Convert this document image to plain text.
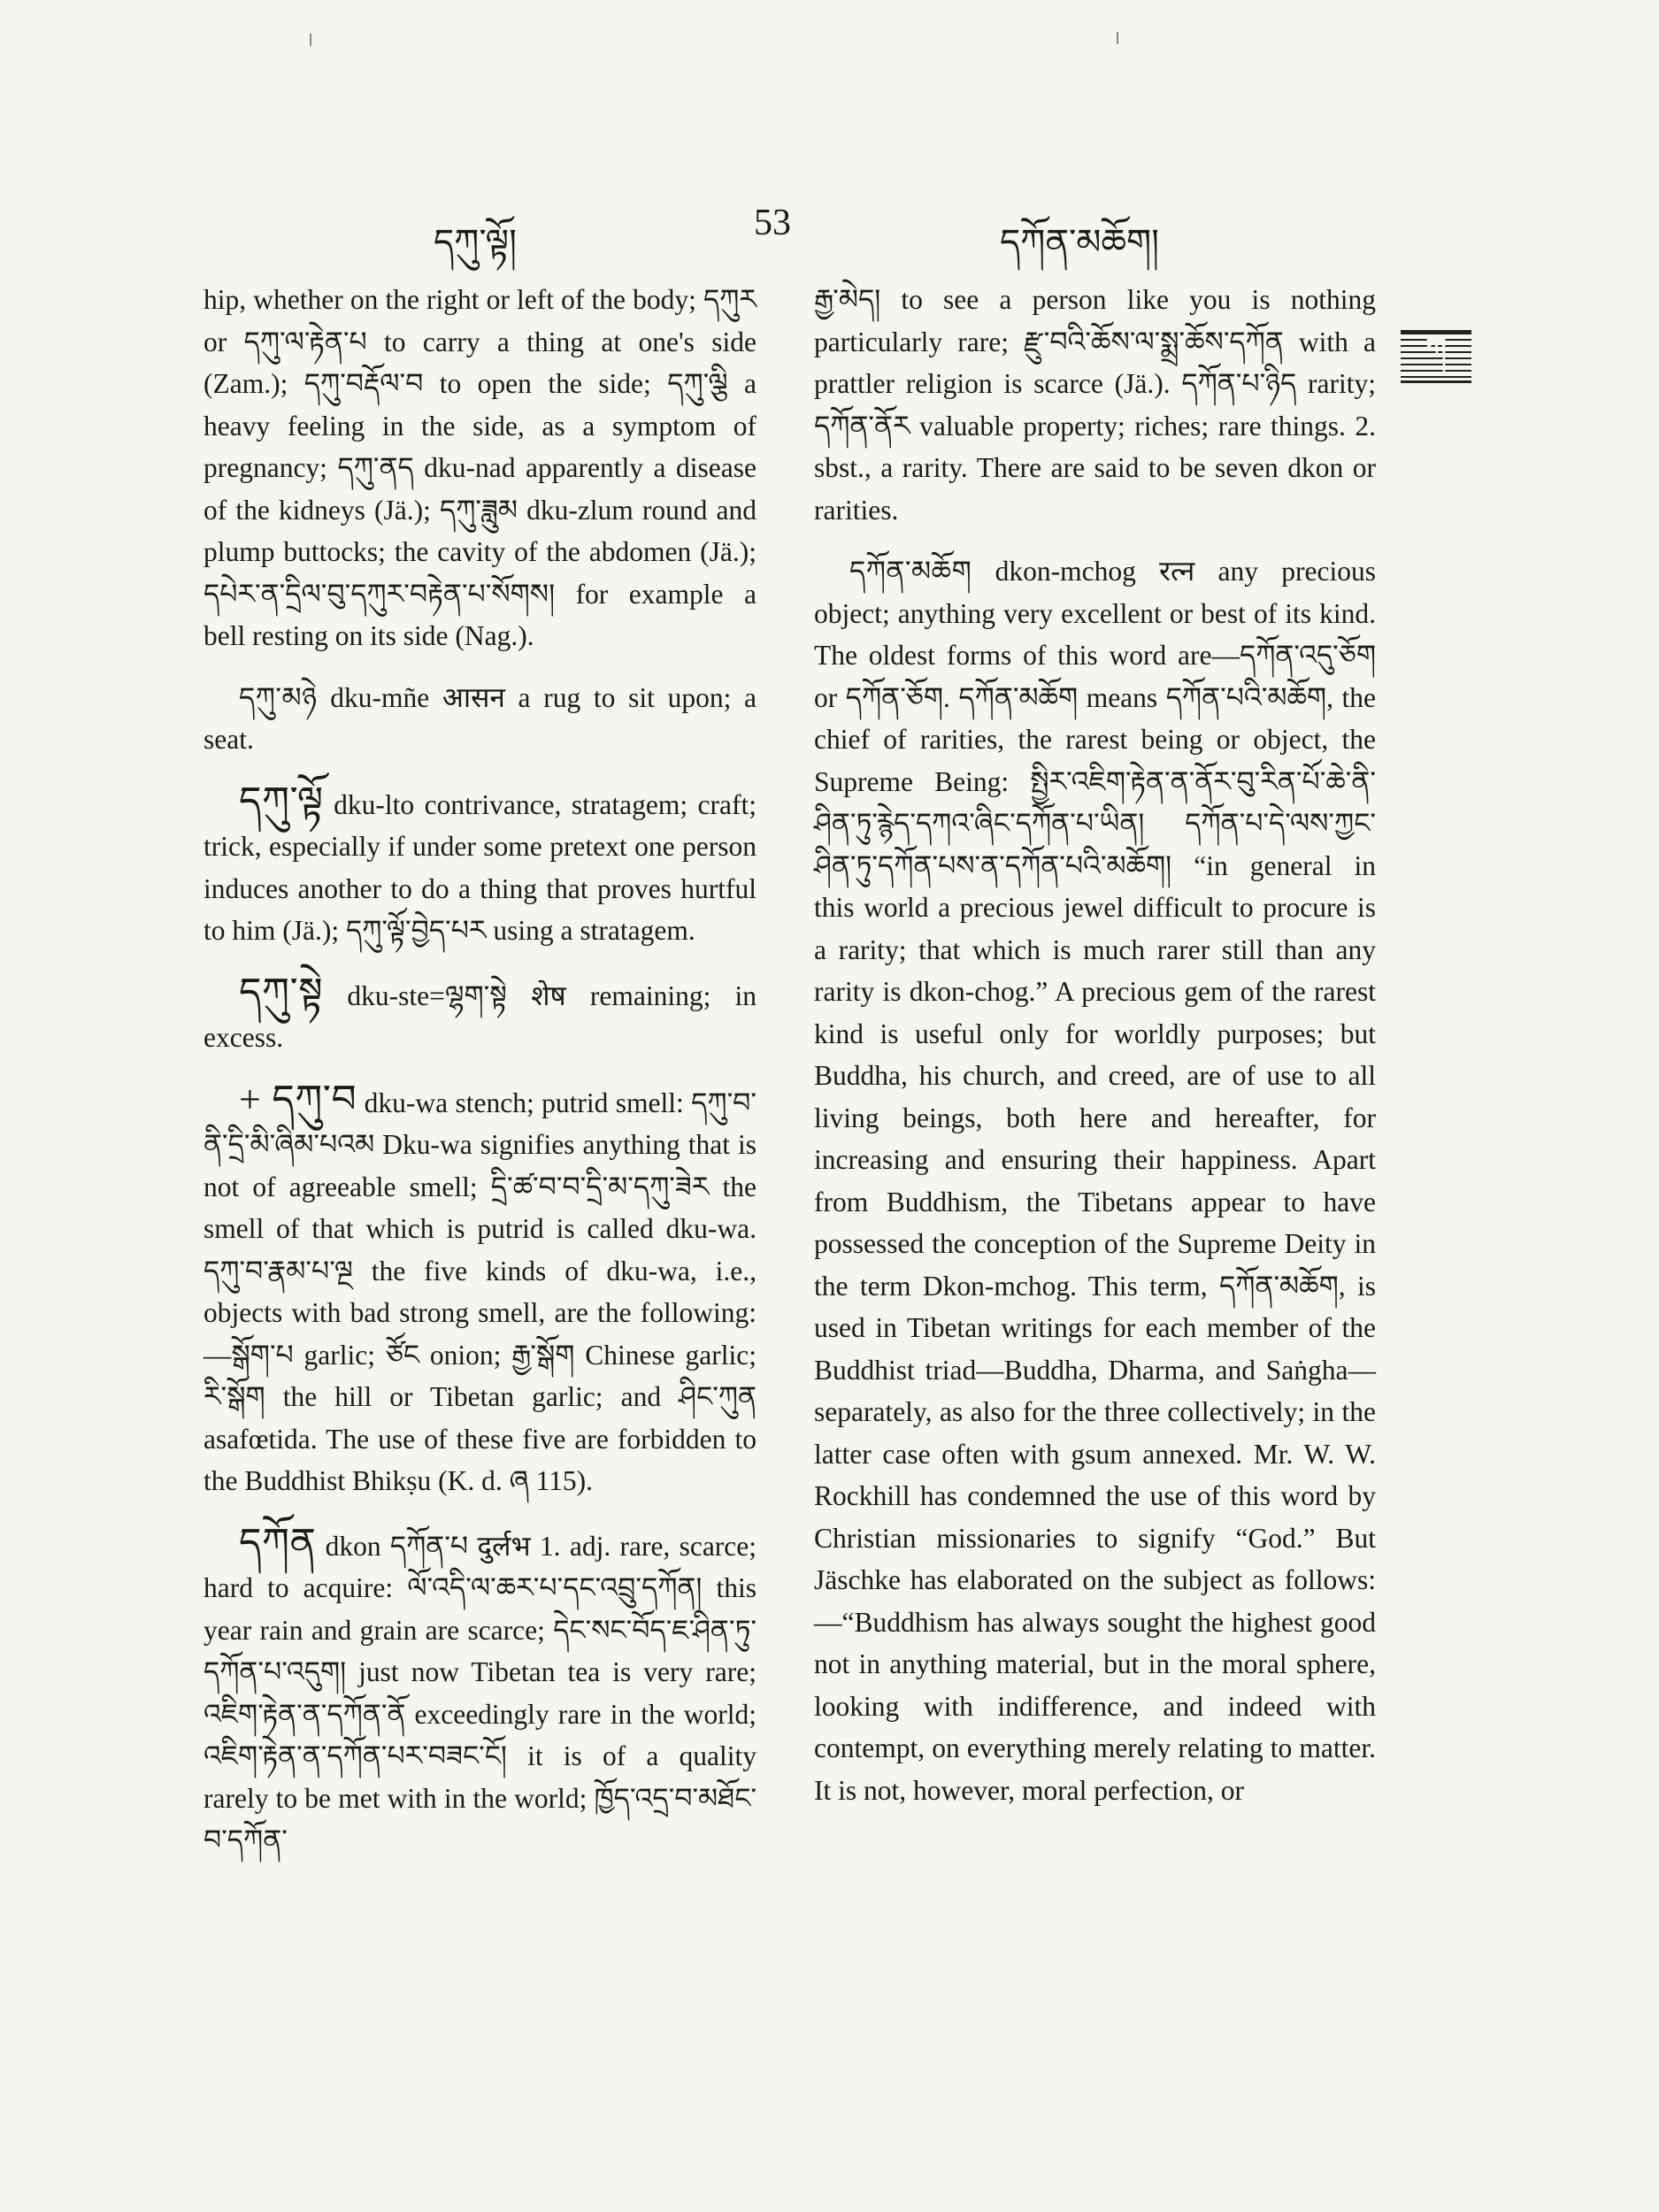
དཀུ་ལྟོ།	53	དཀོན་མཆོག།
ཀ

hip, whether on the right or left of the body; དཀུར or དཀུ་ལ་རྟེན་པ to carry a thing at one's side (Zam.); དཀུ་བརྡོལ་བ to open the side; དཀུ་ལྕི a heavy feeling in the side, as a symptom of pregnancy; དཀུ་ནད dku-nad apparently a disease of the kidneys (Jä.); དཀུ་ཟླུམ dku-zlum round and plump buttocks; the cavity of the abdomen (Jä.); དཔེར་ན་དྲིལ་བུ་དཀུར་བརྟེན་པ་སོགས། for example a bell resting on its side (Nag.).

དཀུ་མཉེ dku-mñe आसन a rug to sit upon; a seat.

དཀུ་ལྟོ dku-lto contrivance, stratagem; craft; trick, especially if under some pretext one person induces another to do a thing that proves hurtful to him (Jä.); དཀུ་ལྟོ་བྱེད་པར using a stratagem.

དཀུ་སྟེ dku-ste=ལྷག་སྟེ शेष remaining; in excess.

+ དཀུ་བ dku-wa stench; putrid smell: དཀུ་བ་ནི་དྲི་མི་ཞིམ་པའམ Dku-wa signifies anything that is not of agreeable smell; དྲི་ཚ་བ་བ་དྲི་མ་དཀུ་ཟེར the smell of that which is putrid is called dku-wa. དཀུ་བ་རྣམ་པ་ལྔ the five kinds of dku-wa, i.e., objects with bad strong smell, are the following:—སྒོག་པ garlic; ཙོང onion; རྒྱ་སྒོག Chinese garlic; རི་སྒོག the hill or Tibetan garlic; and ཤིང་ཀུན asafœtida. The use of these five are forbidden to the Buddhist Bhikṣu (K. d. ཞ 115).

དཀོན dkon དཀོན་པ दुर्लभ 1. adj. rare, scarce; hard to acquire: ལོ་འདི་ལ་ཆར་པ་དང་འབྲུ་དཀོན། this year rain and grain are scarce; དེང་སང་བོད་ཇ་ཤིན་ཏུ་དཀོན་པ་འདུག། just now Tibetan tea is very rare; འཇིག་རྟེན་ན་དཀོན་ནོ exceedingly rare in the world; འཇིག་རྟེན་ན་དཀོན་པར་བཟང་ངོ། it is of a quality rarely to be met with in the world; ཁྱོད་འདྲ་བ་མཐོང་བ་དཀོན་

རྒྱ་མེད། to see a person like you is nothing particularly rare; རྫུ་བའི་ཆོས་ལ་སྨྲ་ཆོས་དཀོན with a prattler religion is scarce (Jä.). དཀོན་པ་ཉིད rarity; དཀོན་ནོར valuable property; riches; rare things. 2. sbst., a rarity. There are said to be seven dkon or rarities.

དཀོན་མཆོག dkon-mchog रत्न any precious object; anything very excellent or best of its kind. The oldest forms of this word are—དཀོན་འདུ་ཅོག or དཀོན་ཅོག. དཀོན་མཆོག means དཀོན་པའི་མཆོག, the chief of rarities, the rarest being or object, the Supreme Being: སྤྱིར་འཇིག་རྟེན་ན་ནོར་བུ་རིན་པོ་ཆེ་ནི་ཤིན་ཏུ་རྙེད་དཀའ་ཞིང་དཀོན་པ་ཡིན། དཀོན་པ་དེ་ལས་ཀྱང་ཤིན་ཏུ་དཀོན་པས་ན་དཀོན་པའི་མཆོག། “in general in this world a precious jewel difficult to procure is a rarity; that which is much rarer still than any rarity is dkon-chog.” A precious gem of the rarest kind is useful only for worldly purposes; but Buddha, his church, and creed, are of use to all living beings, both here and hereafter, for increasing and ensuring their happiness. Apart from Buddhism, the Tibetans appear to have possessed the conception of the Supreme Deity in the term Dkon-mchog. This term, དཀོན་མཆོག, is used in Tibetan writings for each member of the Buddhist triad—Buddha, Dharma, and Saṅgha—separately, as also for the three collectively; in the latter case often with gsum annexed. Mr. W. W. Rockhill has condemned the use of this word by Christian missionaries to signify “God.” But Jäschke has elaborated on the subject as follows:—“Buddhism has always sought the highest good not in anything material, but in the moral sphere, looking with indifference, and indeed with contempt, on everything merely relating to matter. It is not, however, moral perfection, or
